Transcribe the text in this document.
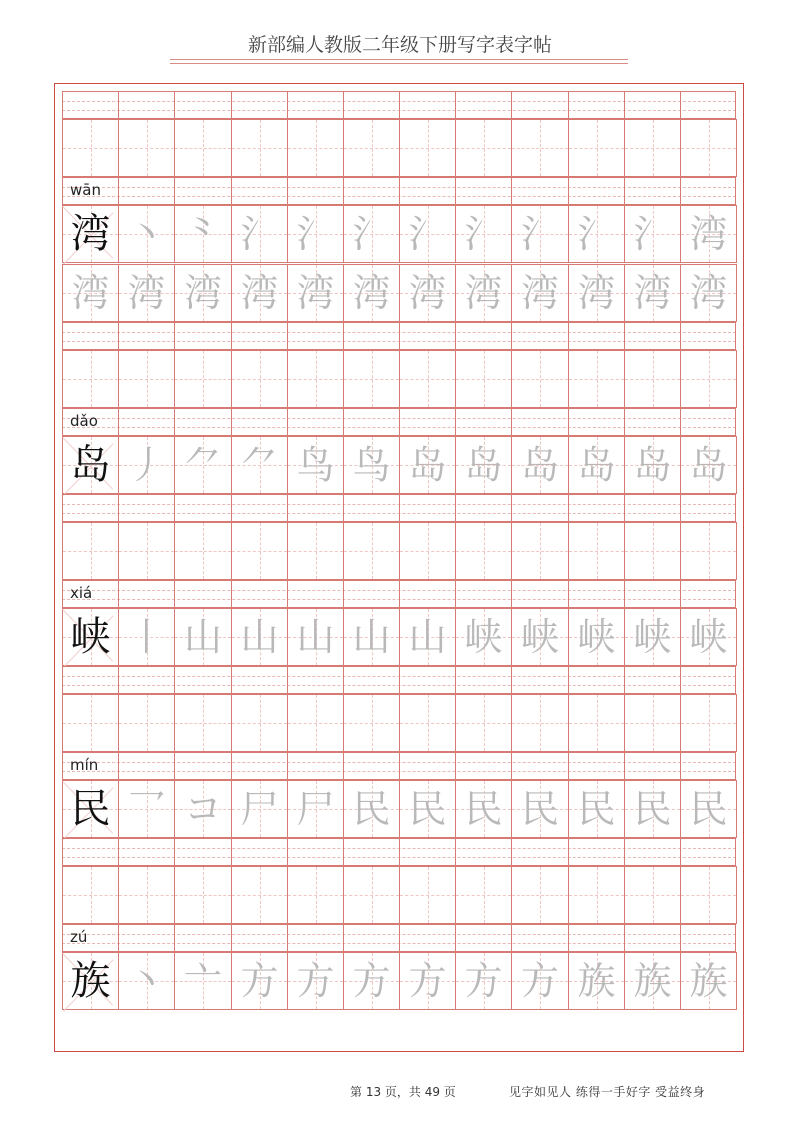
新部编人教版二年级下册写字表字帖
wān
湾 丶 ⺀ 氵 氵 氵 氵 氵 氵 氵 氵 湾
湾 湾 湾 湾 湾 湾 湾 湾 湾 湾 湾 湾
dǎo
岛 丿 ⺈ ⺈ 鸟 鸟 岛 岛 岛 岛 岛 岛
xiá
峡 丨 山 山 山 山 山 峡 峡 峡 峡 峡
mín
民 乛 コ 尸 尸 民 民 民 民 民 民 民
zú
族 丶 亠 方 方 方 方 方 方 族 族 族
第 13 页，共 49 页	见字如见人 练得一手好字 受益终身
